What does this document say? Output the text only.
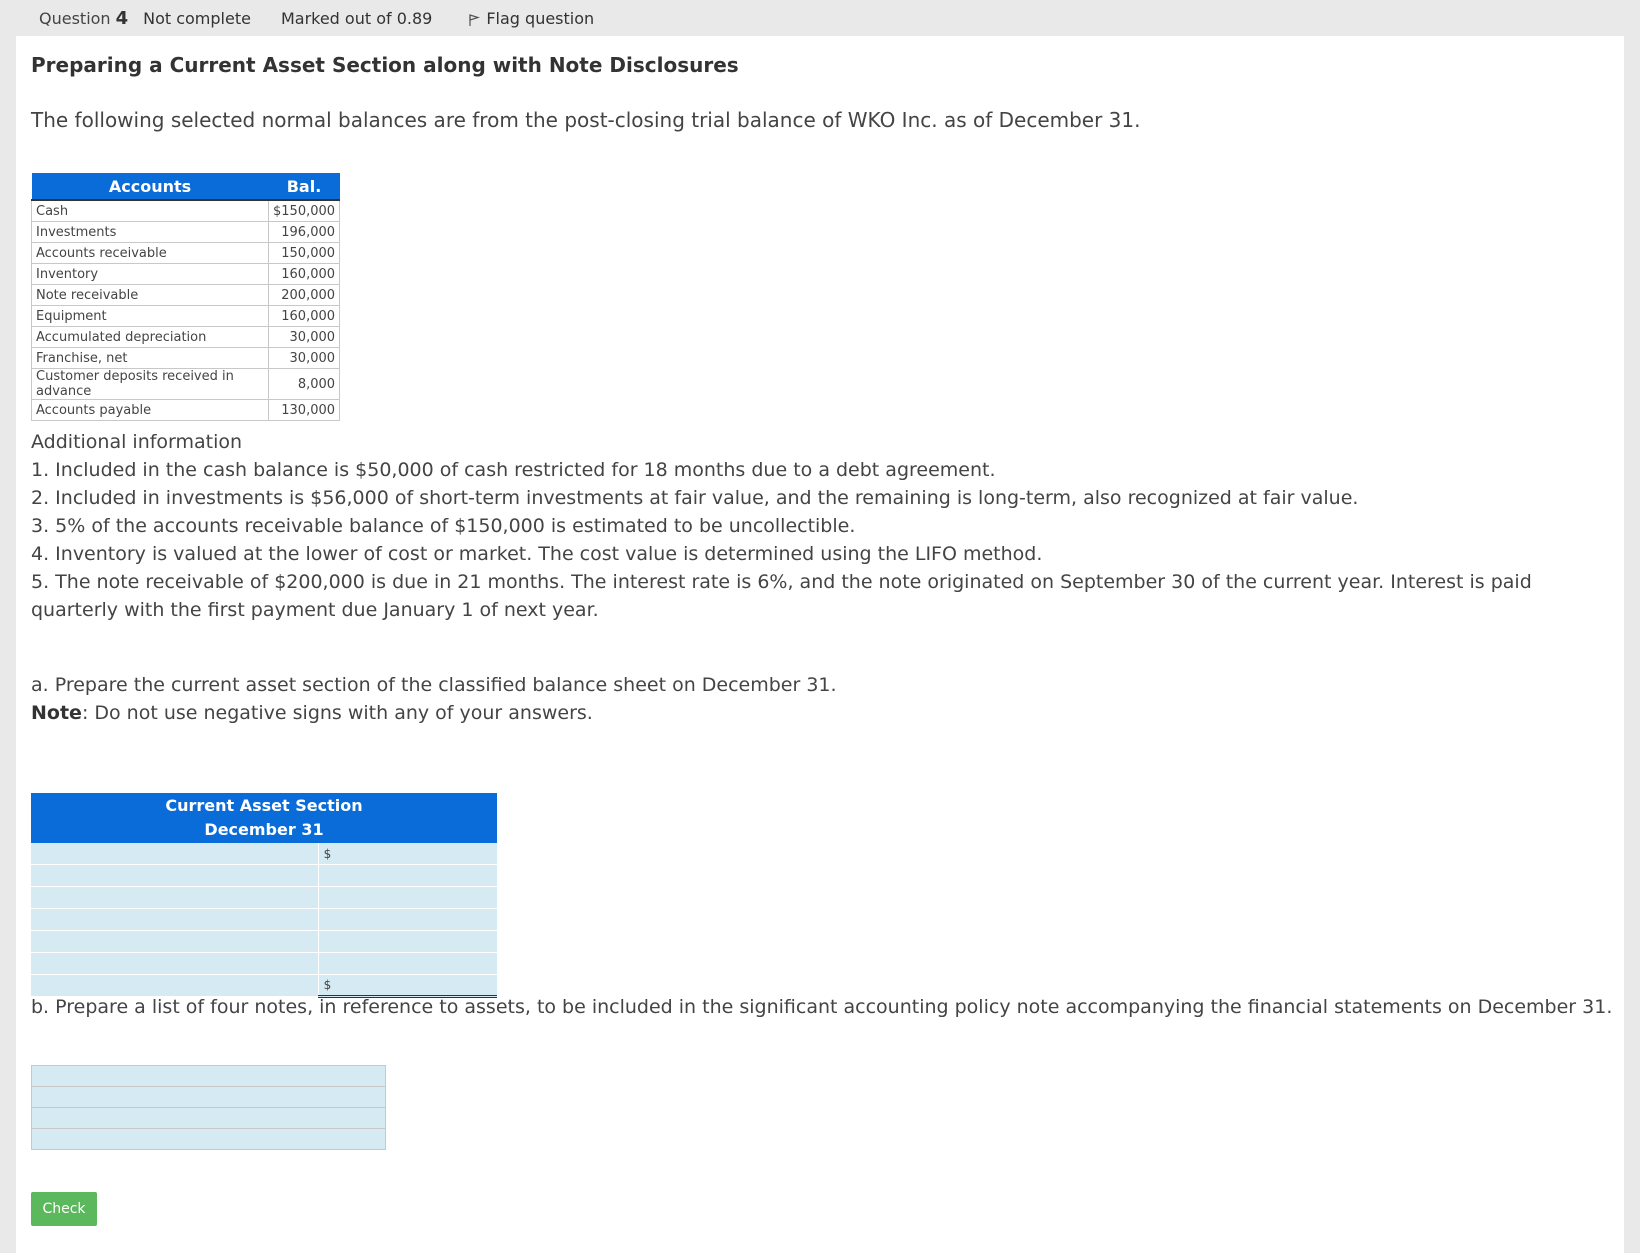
Question 4 Not complete Marked out of 0.89	Flag question
Preparing a Current Asset Section along with Note Disclosures
The following selected normal balances are from the post-closing trial balance of WKO Inc. as of December 31.
Accounts	Bal.
Cash	$150,000
Investments	196,000
Accounts receivable	150,000
Inventory	160,000
Note receivable	200,000
Equipment	160,000
Accumulated depreciation	30,000
Franchise, net	30,000
Customer deposits received in advance	8,000
Accounts payable	130,000

Additional information

1. Included in the cash balance is $50,000 of cash restricted for 18 months due to a debt agreement.

2. Included in investments is $56,000 of short-term investments at fair value, and the remaining is long-term, also recognized at fair value.

3. 5% of the accounts receivable balance of $150,000 is estimated to be uncollectible.

4. Inventory is valued at the lower of cost or market. The cost value is determined using the LIFO method.

5. The note receivable of $200,000 is due in 21 months. The interest rate is 6%, and the note originated on September 30 of the current year. Interest is paid quarterly with the first payment due January 1 of next year.

a. Prepare the current asset section of the classified balance sheet on December 31.

Note: Do not use negative signs with any of your answers.

Current Asset Section
December 31	

	$

	$
b. Prepare a list of four notes, in reference to assets, to be included in the significant accounting policy note accompanying the financial statements on December 31.

Check
